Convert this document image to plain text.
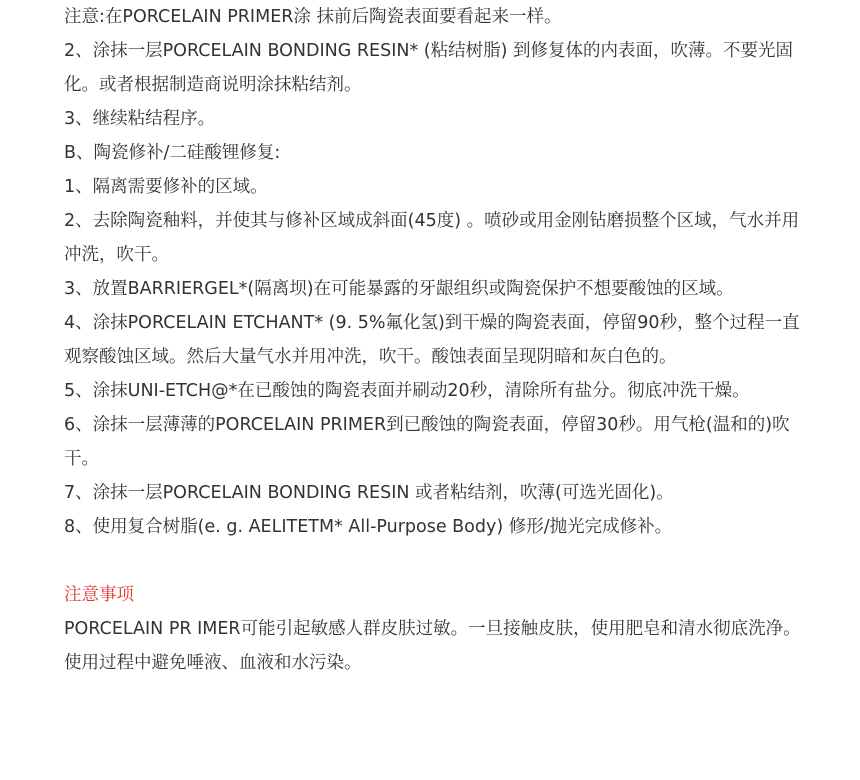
注意:在PORCELAIN PRIMER涂 抹前后陶瓷表面要看起来一样。

2、涂抹一层PORCELAIN BONDING RESIN* (粘结树脂) 到修复体的内表面，吹薄。不要光固化。或者根据制造商说明涂抹粘结剂。

3、继续粘结程序。

B、陶瓷修补/二硅酸锂修复:

1、隔离需要修补的区域。

2、去除陶瓷釉料，并使其与修补区域成斜面(45度) 。喷砂或用金刚钻磨损整个区域，气水并用冲洗，吹干。

3、放置BARRIERGEL*(隔离坝)在可能暴露的牙龈组织或陶瓷保护不想要酸蚀的区域。

4、涂抹PORCELAIN ETCHANT* (9. 5%氟化氢)到干燥的陶瓷表面，停留90秒，整个过程一直观察酸蚀区域。然后大量气水并用冲洗，吹干。酸蚀表面呈现阴暗和灰白色的。

5、涂抹UNI-ETCH@*在已酸蚀的陶瓷表面并刷动20秒，清除所有盐分。彻底冲洗干燥。

6、涂抹一层薄薄的PORCELAIN PRIMER到已酸蚀的陶瓷表面，停留30秒。用气枪(温和的)吹干。

7、涂抹一层PORCELAIN BONDING RESIN 或者粘结剂，吹薄(可选光固化)。

8、使用复合树脂(e. g. AELITETM* All-Purpose Body) 修形/抛光完成修补。

注意事项

PORCELAIN PR IMER可能引起敏感人群皮肤过敏。一旦接触皮肤，使用肥皂和清水彻底洗净。使用过程中避免唾液、血液和水污染。
